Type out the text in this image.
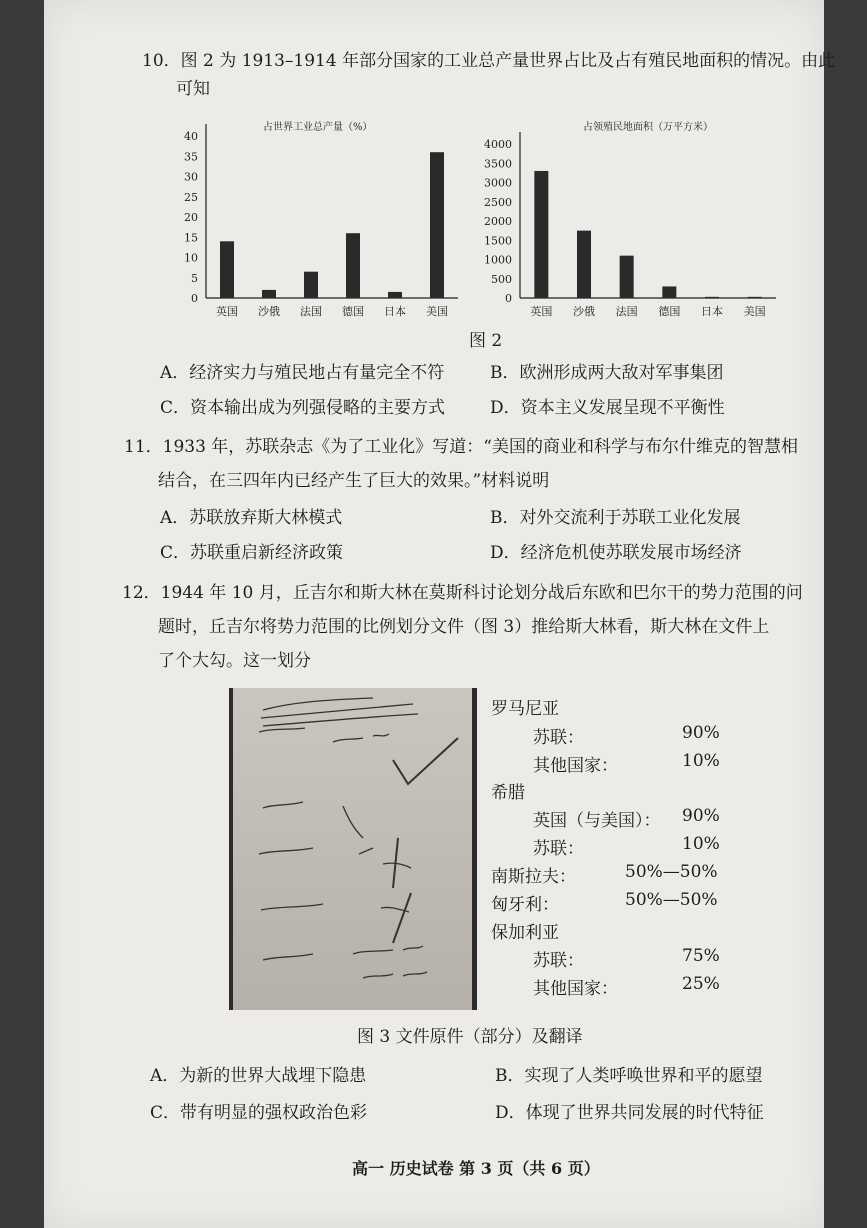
10．图 2 为 1913–1914 年部分国家的工业总产量世界占比及占有殖民地面积的情况。由此
可知
占世界工业总产量（%）
0
5
10
15
20
25
30
35
40
英国 沙俄 法国 德国 日本 美国
占领殖民地面积（万平方米）
0
500
1000
1500
2000
2500
3000
3500
4000
英国 沙俄 法国 德国 日本 美国
图 2
A．经济实力与殖民地占有量完全不符	B．欧洲形成两大敌对军事集团
C．资本输出成为列强侵略的主要方式	D．资本主义发展呈现不平衡性
11．1933 年，苏联杂志《为了工业化》写道：“美国的商业和科学与布尔什维克的智慧相
结合，在三四年内已经产生了巨大的效果。”材料说明
A．苏联放弃斯大林模式	B．对外交流利于苏联工业化发展
C．苏联重启新经济政策	D．经济危机使苏联发展市场经济
12．1944 年 10 月，丘吉尔和斯大林在莫斯科讨论划分战后东欧和巴尔干的势力范围的问
题时，丘吉尔将势力范围的比例划分文件（图 3）推给斯大林看，斯大林在文件上
了个大勾。这一划分
罗马尼亚
苏联：	90%
其他国家：	10%
希腊
英国（与美国）： 90%
苏联：	10%
南斯拉夫：	50%—50%
匈牙利：	50%—50%
保加利亚
苏联：	75%
其他国家：	25%
图 3 文件原件（部分）及翻译
A．为新的世界大战埋下隐患	B．实现了人类呼唤世界和平的愿望
C．带有明显的强权政治色彩	D．体现了世界共同发展的时代特征
高一 历史试卷 第 3 页（共 6 页）
